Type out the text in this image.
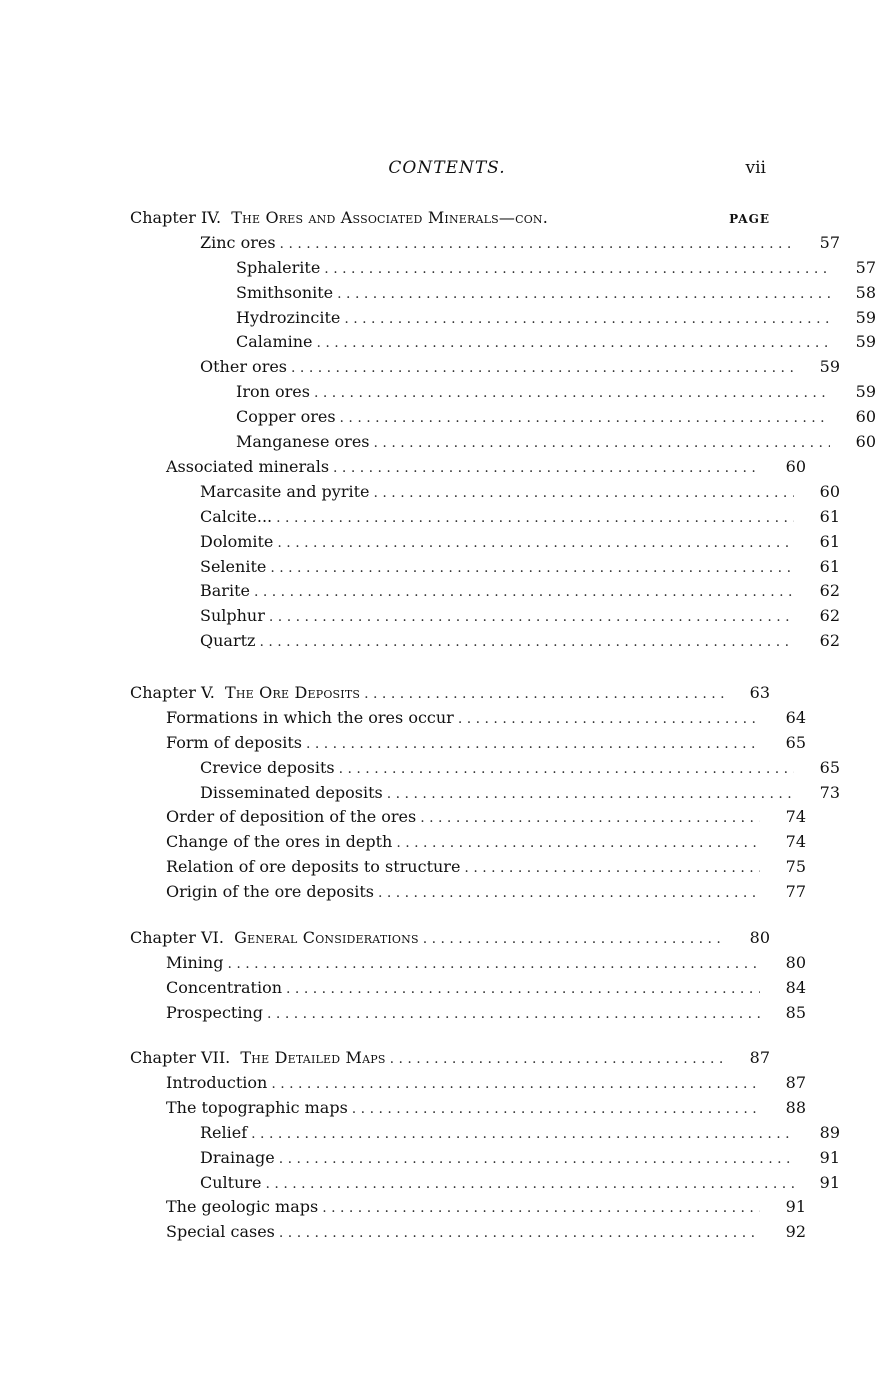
CONTENTS.	vii
Chapter IV. The Ores and Associated Minerals—con.	PAGE
Zinc ores . . .	57
Sphalerite . . .	57
Smithsonite . . .	58
Hydrozincite . . .	59
Calamine . . .	59
Other ores . . .	59
Iron ores . . .	59
Copper ores . . .	60
Manganese ores . . .	60
Associated minerals . . .	60
Marcasite and pyrite . . .	60
Calcite... . . .	61
Dolomite . . .	61
Selenite . . .	61
Barite . . .	62
Sulphur . . .	62
Quartz . . .	62
Chapter V. The Ore Deposits . . .	63
Formations in which the ores occur . . .	64
Form of deposits . . .	65
Crevice deposits . . .	65
Disseminated deposits . . .	73
Order of deposition of the ores . . .	74
Change of the ores in depth . . .	74
Relation of ore deposits to structure . . .	75
Origin of the ore deposits . . .	77
Chapter VI. General Considerations . . .	80
Mining . . .	80
Concentration . . .	84
Prospecting . . .	85
Chapter VII. The Detailed Maps . . .	87
Introduction . . .	87
The topographic maps . . .	88
Relief . . .	89
Drainage . . .	91
Culture . . .	91
The geologic maps . . .	91
Special cases . . .	92
